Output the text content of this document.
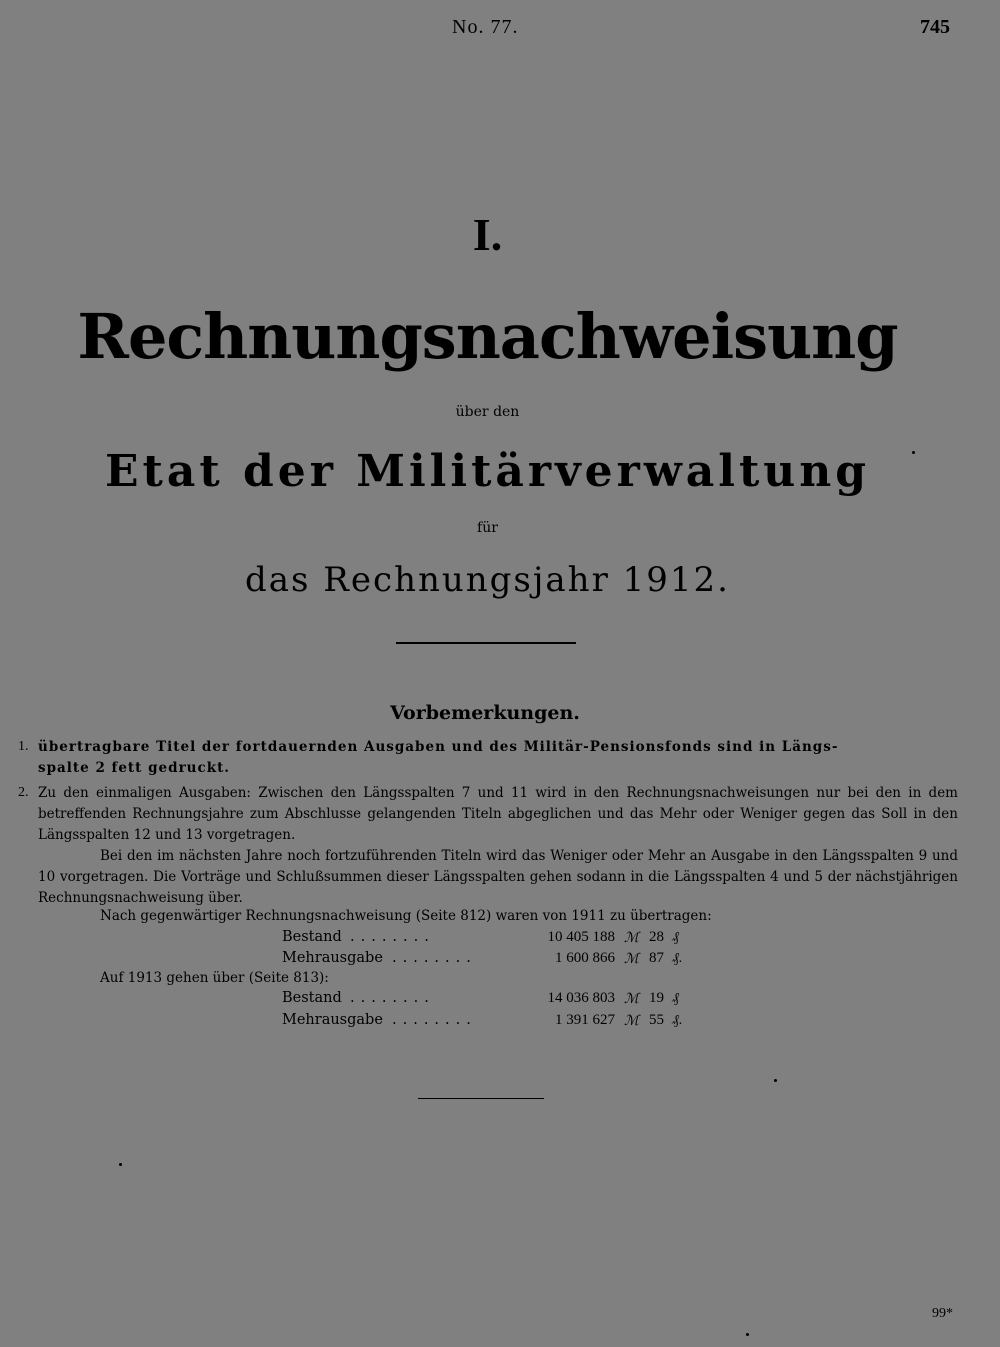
No. 77.	745
I.
Rechnungsnachweisung
über den
Etat der Militärverwaltung
für
das Rechnungsjahr 1912.
Vorbemerkungen.
1. übertragbare Titel der fortdauernden Ausgaben und des Militär-Pensionsfonds sind in Längs-
spalte 2 fett gedruckt.
2. Zu den einmaligen Ausgaben: Zwischen den Längsspalten 7 und 11 wird in den Rechnungsnachweisungen nur bei den in dem betreffenden Rechnungsjahre zum Abschlusse gelangenden Titeln abgeglichen und das Mehr oder Weniger gegen das Soll in den Längsspalten 12 und 13 vorgetragen.
Bei den im nächsten Jahre noch fortzuführenden Titeln wird das Weniger oder Mehr an Ausgabe in den Längsspalten 9 und 10 vorgetragen. Die Vorträge und Schlußsummen dieser Längsspalten gehen sodann in die Längsspalten 4 und 5 der nächstjährigen Rechnungsnachweisung über.
Nach gegenwärtiger Rechnungsnachweisung (Seite 812) waren von 1911 zu übertragen:
Bestand ........	10 405 188 ℳ 28 ₰
Mehrausgabe ........	1 600 866 ℳ 87 ₰.
Auf 1913 gehen über (Seite 813):
Bestand ........	14 036 803 ℳ 19 ₰
Mehrausgabe ........	1 391 627 ℳ 55 ₰.
99*
